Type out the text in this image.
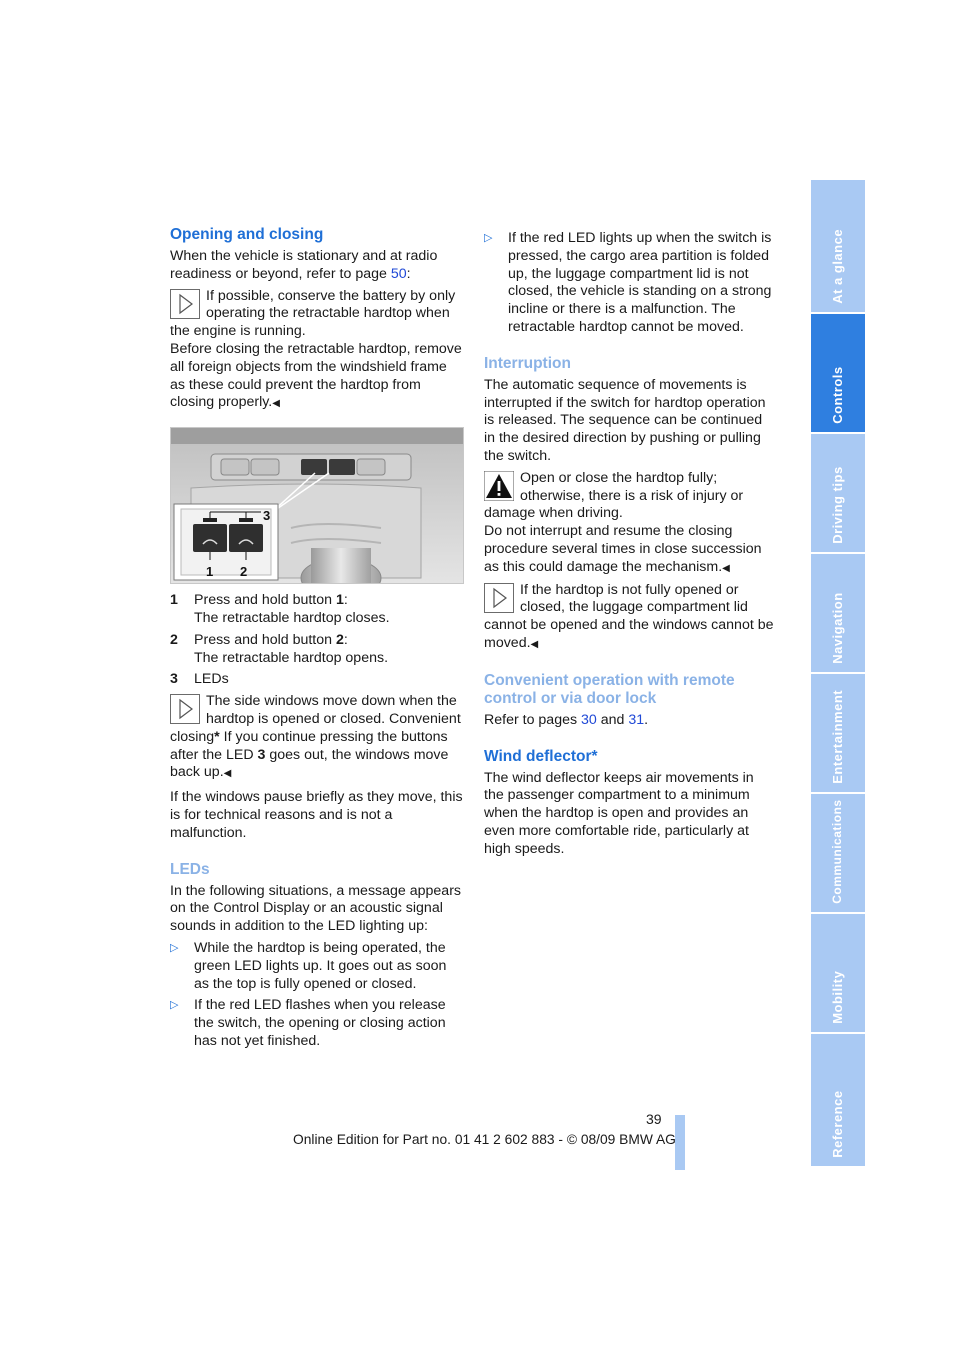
Opening and closing

When the vehicle is stationary and at radio readiness or beyond, refer to page 50:

If possible, conserve the battery by only operating the retractable hardtop when the engine is running.

Before closing the retractable hardtop, remove all foreign objects from the windshield frame as these could prevent the hardtop from closing properly.◀

1 2
3
1 Press and hold button 1:
The retractable hardtop closes.
2 Press and hold button 2:
The retractable hardtop opens.
3 LEDs
The side windows move down when the hardtop is opened or closed. Convenient closing* If you continue pressing the buttons after the LED 3 goes out, the windows move back up.◀

If the windows pause briefly as they move, this is for technical reasons and is not a malfunction.

LEDs

In the following situations, a message appears on the Control Display or an acoustic signal sounds in addition to the LED lighting up:

▷ While the hardtop is being operated, the green LED lights up. It goes out as soon as the top is fully opened or closed.
▷ If the red LED flashes when you release the switch, the opening or closing action has not yet finished.
▷ If the red LED lights up when the switch is pressed, the cargo area partition is folded up, the luggage compartment lid is not closed, the vehicle is standing on a strong incline or there is a malfunction. The retractable hardtop cannot be moved.
Interruption

The automatic sequence of movements is interrupted if the switch for hardtop operation is released. The sequence can be continued in the desired direction by pushing or pulling the switch.

Open or close the hardtop fully; otherwise, there is a risk of injury or damage when driving.

Do not interrupt and resume the closing procedure several times in close succession as this could damage the mechanism.◀

If the hardtop is not fully opened or closed, the luggage compartment lid cannot be opened and the windows cannot be moved.◀
Convenient operation with remote control or via door lock

Refer to pages 30 and 31.

Wind deflector*

The wind deflector keeps air movements in the passenger compartment to a minimum when the hardtop is open and provides an even more comfortable ride, particularly at high speeds.

At a glance
Controls
Driving tips
Navigation
Entertainment
Communications
Mobility
Reference
39
Online Edition for Part no. 01 41 2 602 883 - © 08/09 BMW AG
